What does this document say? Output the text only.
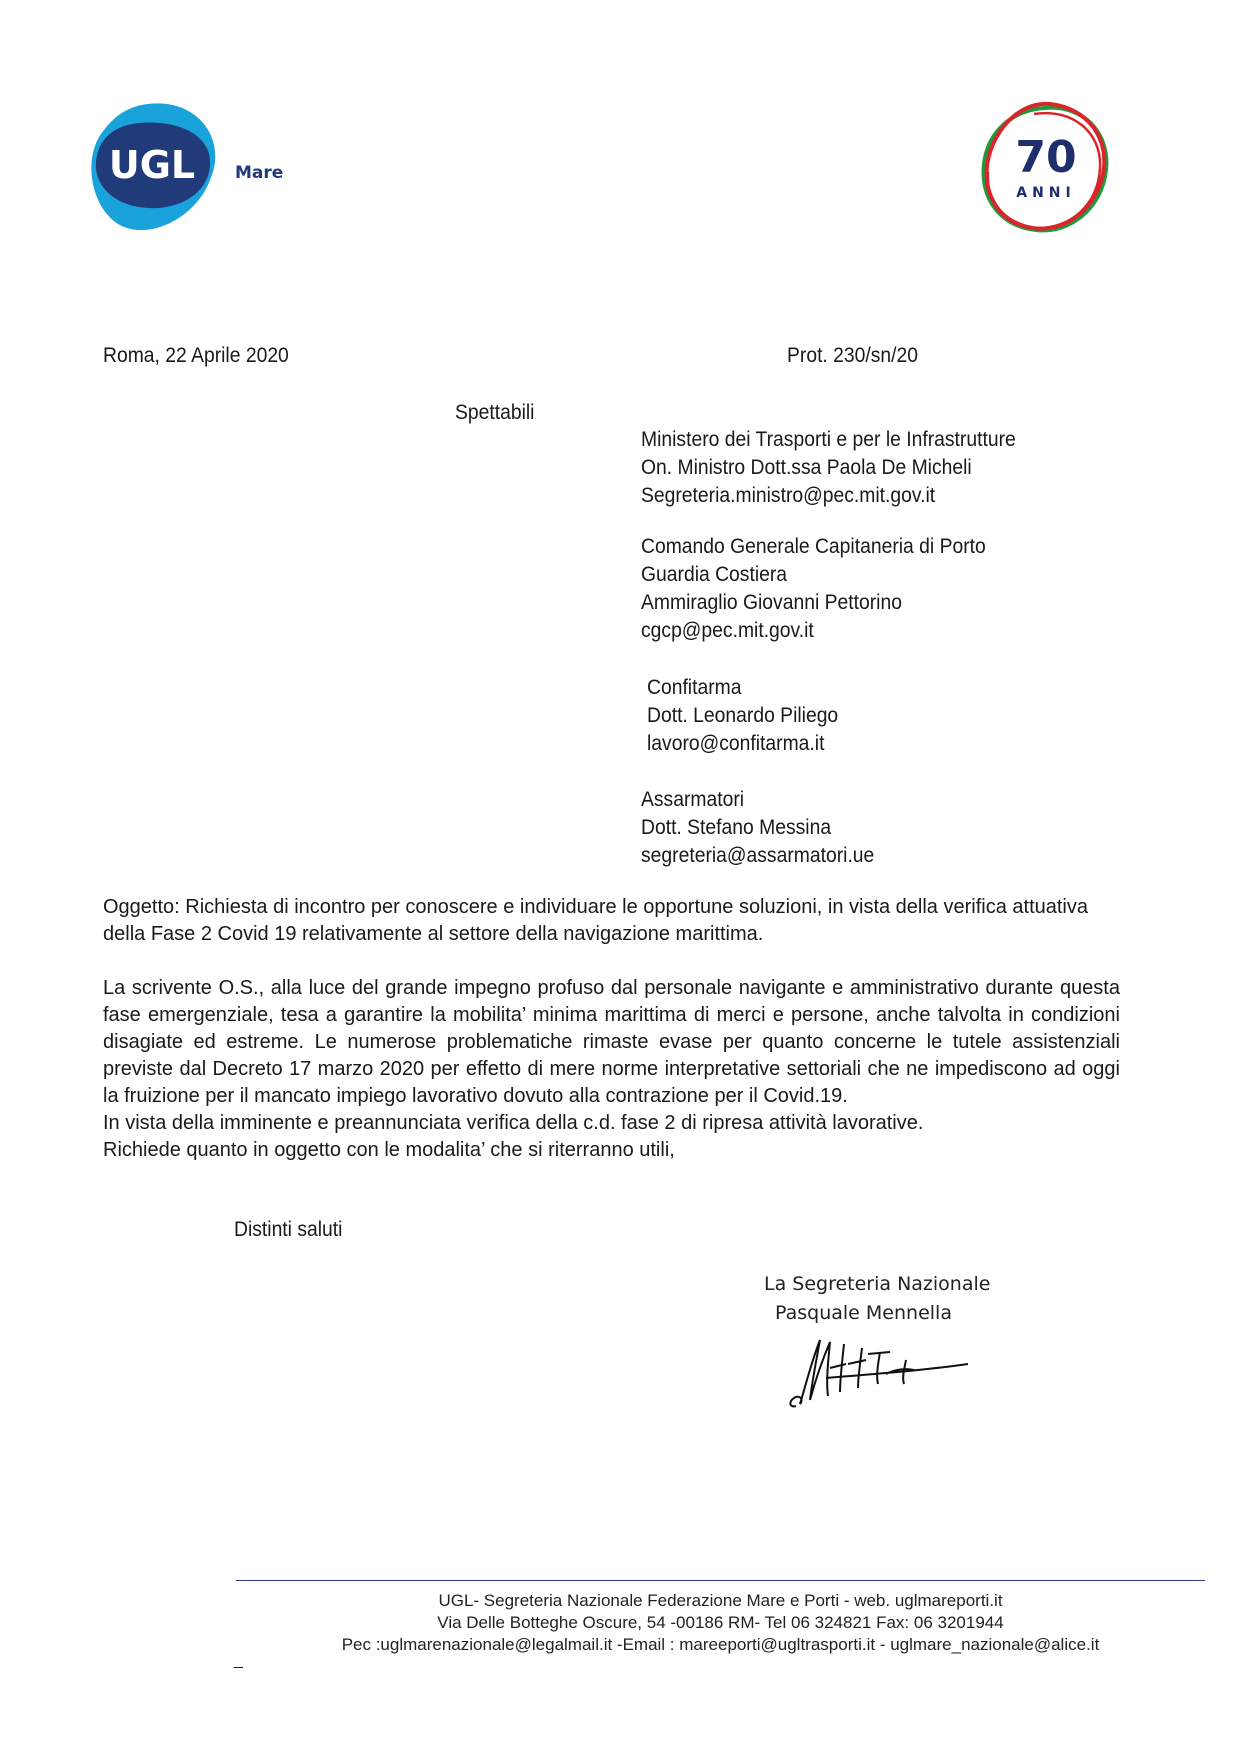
UGL Mare	70
ANNI
Roma, 22 Aprile 2020	Prot. 230/sn/20
Spettabili
Ministero dei Trasporti e per le Infrastrutture
On. Ministro Dott.ssa Paola De Micheli
Segreteria.ministro@pec.mit.gov.it
Comando Generale Capitaneria di Porto
Guardia Costiera
Ammiraglio Giovanni Pettorino
cgcp@pec.mit.gov.it
Confitarma
Dott. Leonardo Piliego
lavoro@confitarma.it
Assarmatori
Dott. Stefano Messina
segreteria@assarmatori.ue
Oggetto: Richiesta di incontro per conoscere e individuare le opportune soluzioni, in vista della verifica attuativa della Fase 2 Covid 19 relativamente al settore della navigazione marittima.

La scrivente O.S., alla luce del grande impegno profuso dal personale navigante e amministrativo durante questa fase emergenziale, tesa a garantire la mobilita’ minima marittima di merci e persone, anche talvolta in condizioni disagiate ed estreme. Le numerose problematiche rimaste evase per quanto concerne le tutele assistenziali previste dal Decreto 17 marzo 2020 per effetto di mere norme interpretative settoriali che ne impediscono ad oggi la fruizione per il mancato impiego lavorativo dovuto alla contrazione per il Covid.19.

In vista della imminente e preannunciata verifica della c.d. fase 2 di ripresa attività lavorative.

Richiede quanto in oggetto con le modalita’ che si riterranno utili,

Distinti saluti
La Segreteria Nazionale
Pasquale Mennella
UGL- Segreteria Nazionale Federazione Mare e Porti - web. uglmareporti.it
Via Delle Botteghe Oscure, 54 -00186 RM- Tel 06 324821 Fax: 06 3201944
Pec :uglmarenazionale@legalmail.it -Email : mareeporti@ugltrasporti.it - uglmare_nazionale@alice.it
_
